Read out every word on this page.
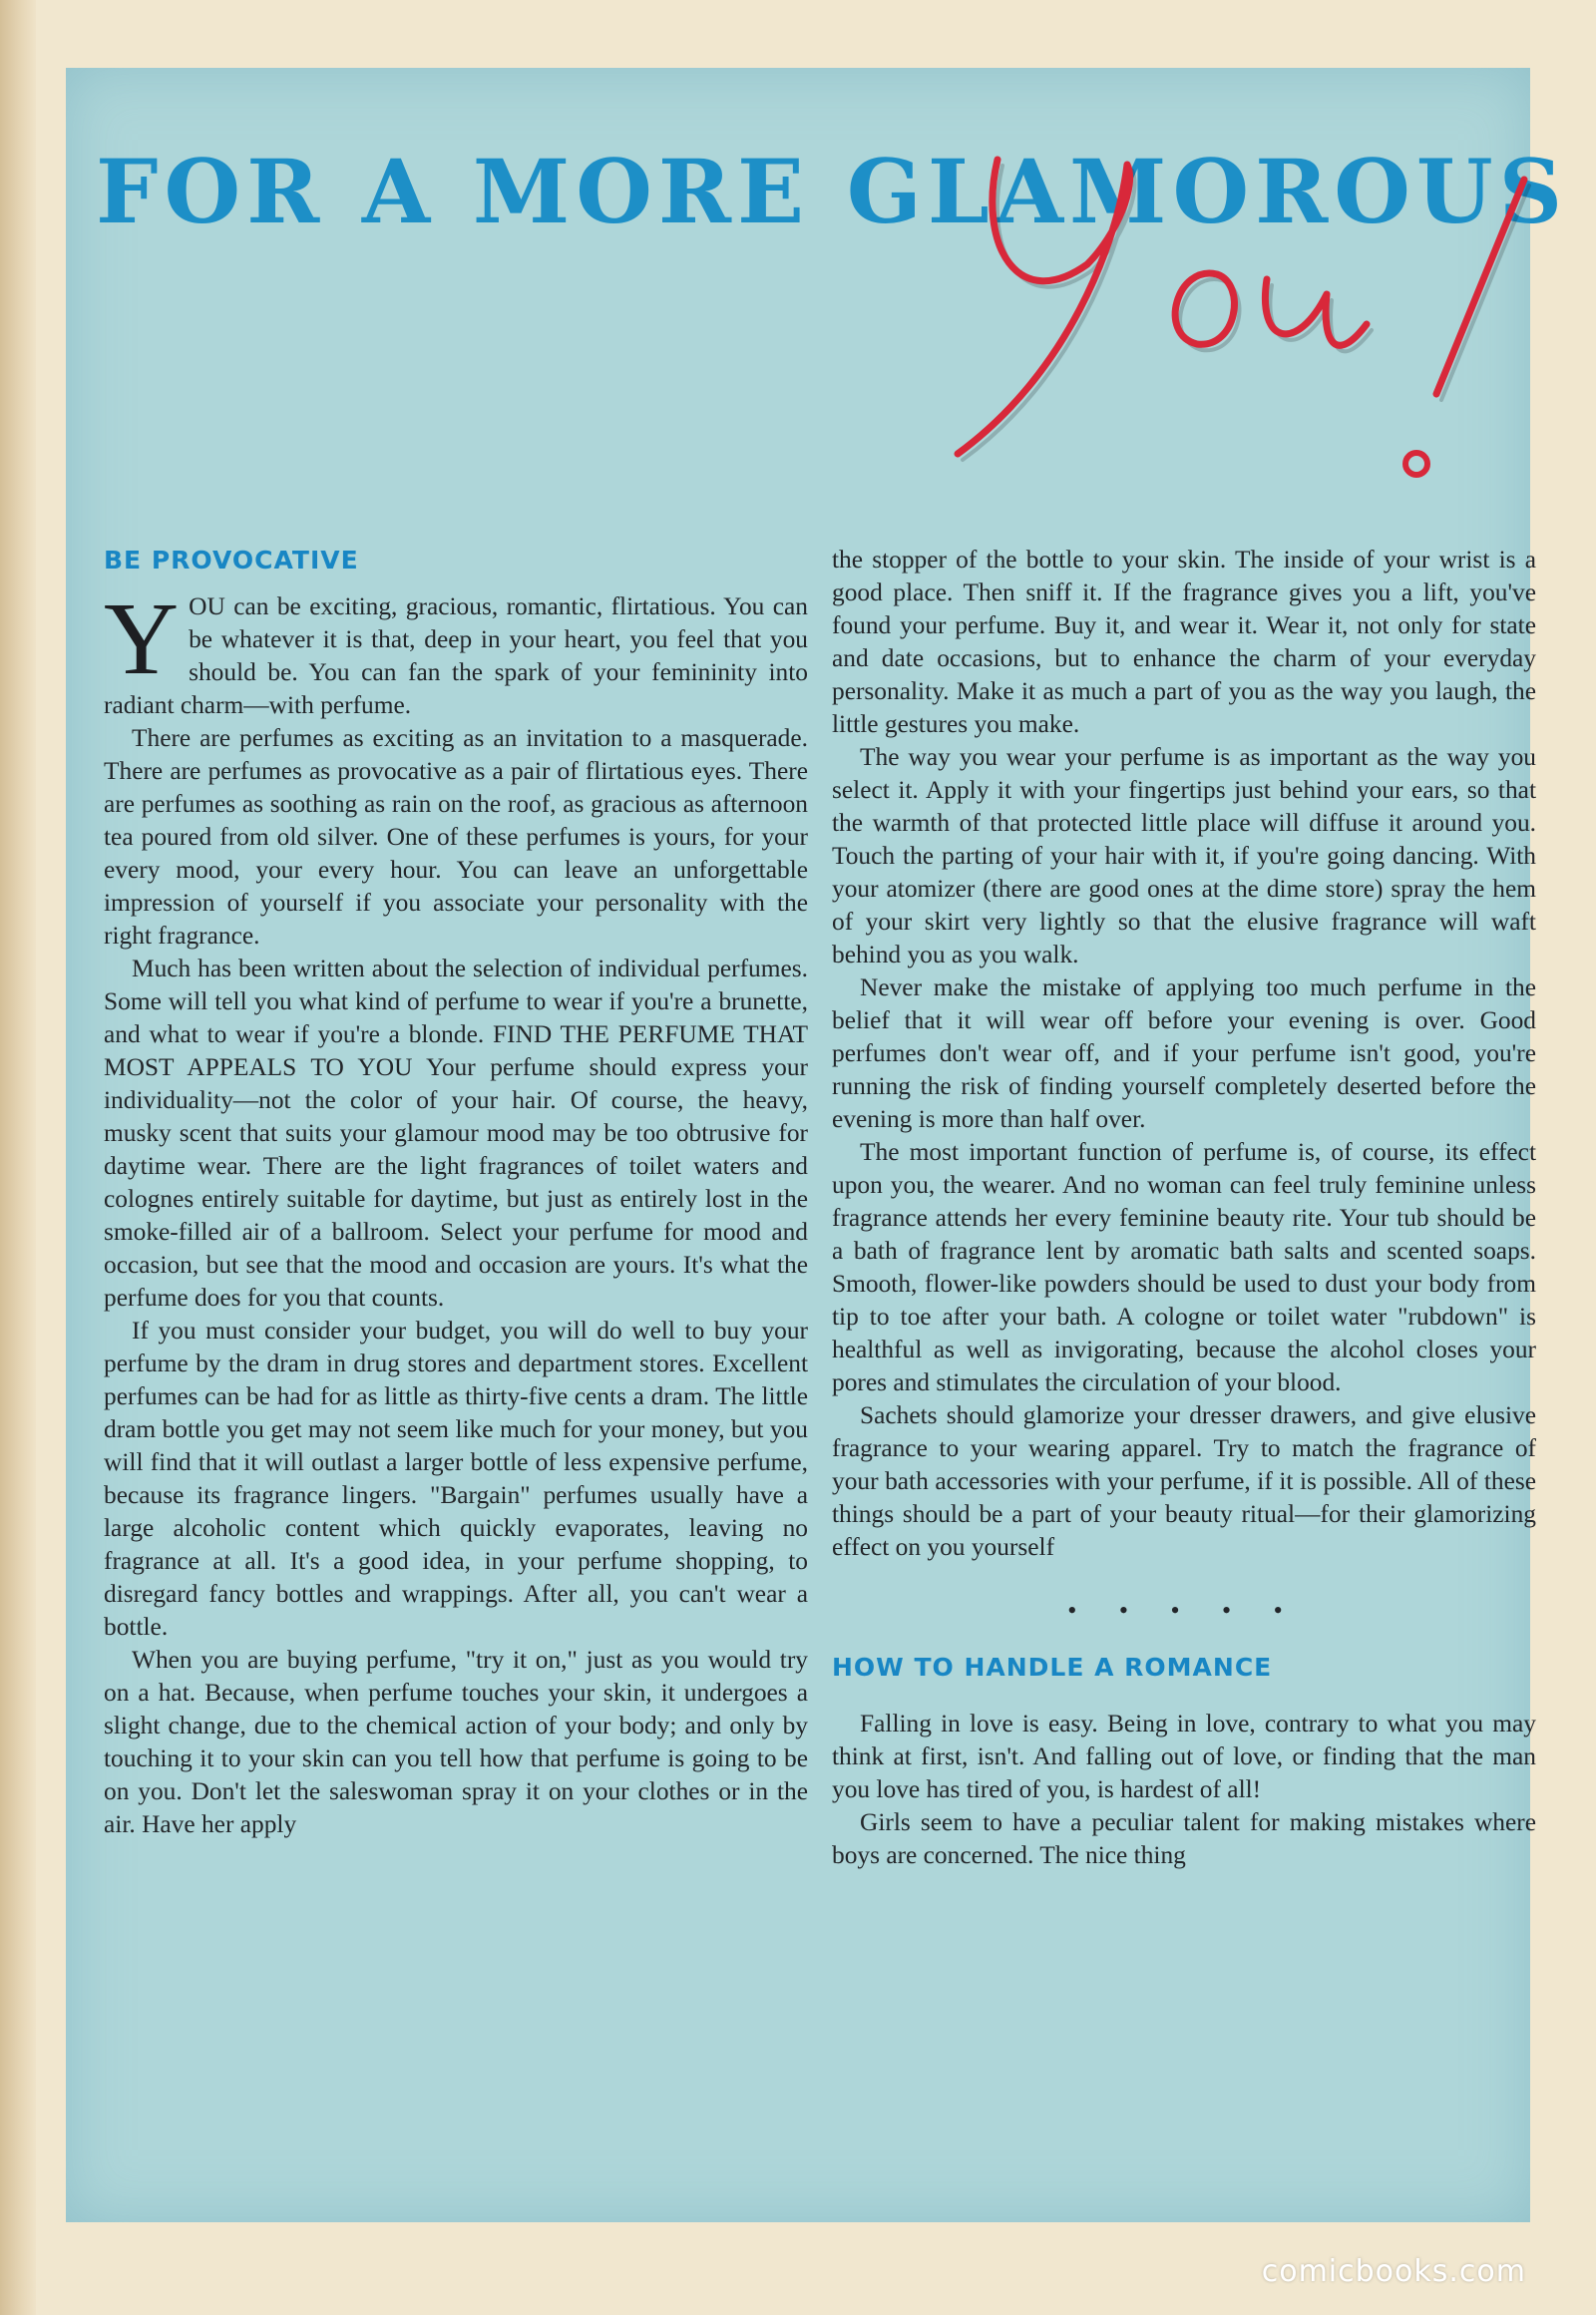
FOR A MORE GLAMOROUS
BE PROVOCATIVE

YOU can be exciting, gracious, romantic, flirtatious. You can be whatever it is that, deep in your heart, you feel that you should be. You can fan the spark of your femininity into radiant charm—with perfume.

There are perfumes as exciting as an invitation to a masquerade. There are perfumes as provocative as a pair of flirtatious eyes. There are perfumes as soothing as rain on the roof, as gracious as afternoon tea poured from old silver. One of these perfumes is yours, for your every mood, your every hour. You can leave an unforgettable impression of yourself if you associate your personality with the right fragrance.

Much has been written about the selection of individual perfumes. Some will tell you what kind of perfume to wear if you're a brunette, and what to wear if you're a blonde. FIND THE PERFUME THAT MOST APPEALS TO YOU Your perfume should express your individuality—not the color of your hair. Of course, the heavy, musky scent that suits your glamour mood may be too obtrusive for daytime wear. There are the light fragrances of toilet waters and colognes entirely suitable for daytime, but just as entirely lost in the smoke-filled air of a ballroom. Select your perfume for mood and occasion, but see that the mood and occasion are yours. It's what the perfume does for you that counts.

If you must consider your budget, you will do well to buy your perfume by the dram in drug stores and department stores. Excellent perfumes can be had for as little as thirty-five cents a dram. The little dram bottle you get may not seem like much for your money, but you will find that it will outlast a larger bottle of less expensive perfume, because its fragrance lingers. "Bargain" perfumes usually have a large alcoholic content which quickly evaporates, leaving no fragrance at all. It's a good idea, in your perfume shopping, to disregard fancy bottles and wrappings. After all, you can't wear a bottle.

When you are buying perfume, "try it on," just as you would try on a hat. Because, when perfume touches your skin, it undergoes a slight change, due to the chemical action of your body; and only by touching it to your skin can you tell how that perfume is going to be on you. Don't let the saleswoman spray it on your clothes or in the air. Have her apply

the stopper of the bottle to your skin. The inside of your wrist is a good place. Then sniff it. If the fragrance gives you a lift, you've found your perfume. Buy it, and wear it. Wear it, not only for state and date occasions, but to enhance the charm of your everyday personality. Make it as much a part of you as the way you laugh, the little gestures you make.

The way you wear your perfume is as important as the way you select it. Apply it with your fingertips just behind your ears, so that the warmth of that protected little place will diffuse it around you. Touch the parting of your hair with it, if you're going dancing. With your atomizer (there are good ones at the dime store) spray the hem of your skirt very lightly so that the elusive fragrance will waft behind you as you walk.

Never make the mistake of applying too much perfume in the belief that it will wear off before your evening is over. Good perfumes don't wear off, and if your perfume isn't good, you're running the risk of finding yourself completely deserted before the evening is more than half over.

The most important function of perfume is, of course, its effect upon you, the wearer. And no woman can feel truly feminine unless fragrance attends her every feminine beauty rite. Your tub should be a bath of fragrance lent by aromatic bath salts and scented soaps. Smooth, flower-like powders should be used to dust your body from tip to toe after your bath. A cologne or toilet water "rubdown" is healthful as well as invigorating, because the alcohol closes your pores and stimulates the circulation of your blood.

Sachets should glamorize your dresser drawers, and give elusive fragrance to your wearing apparel. Try to match the fragrance of your bath accessories with your perfume, if it is possible. All of these things should be a part of your beauty ritual—for their glamorizing effect on you yourself

• • • • •
HOW TO HANDLE A ROMANCE

Falling in love is easy. Being in love, contrary to what you may think at first, isn't. And falling out of love, or finding that the man you love has tired of you, is hardest of all!

Girls seem to have a peculiar talent for making mistakes where boys are concerned. The nice thing

comicbooks.com
